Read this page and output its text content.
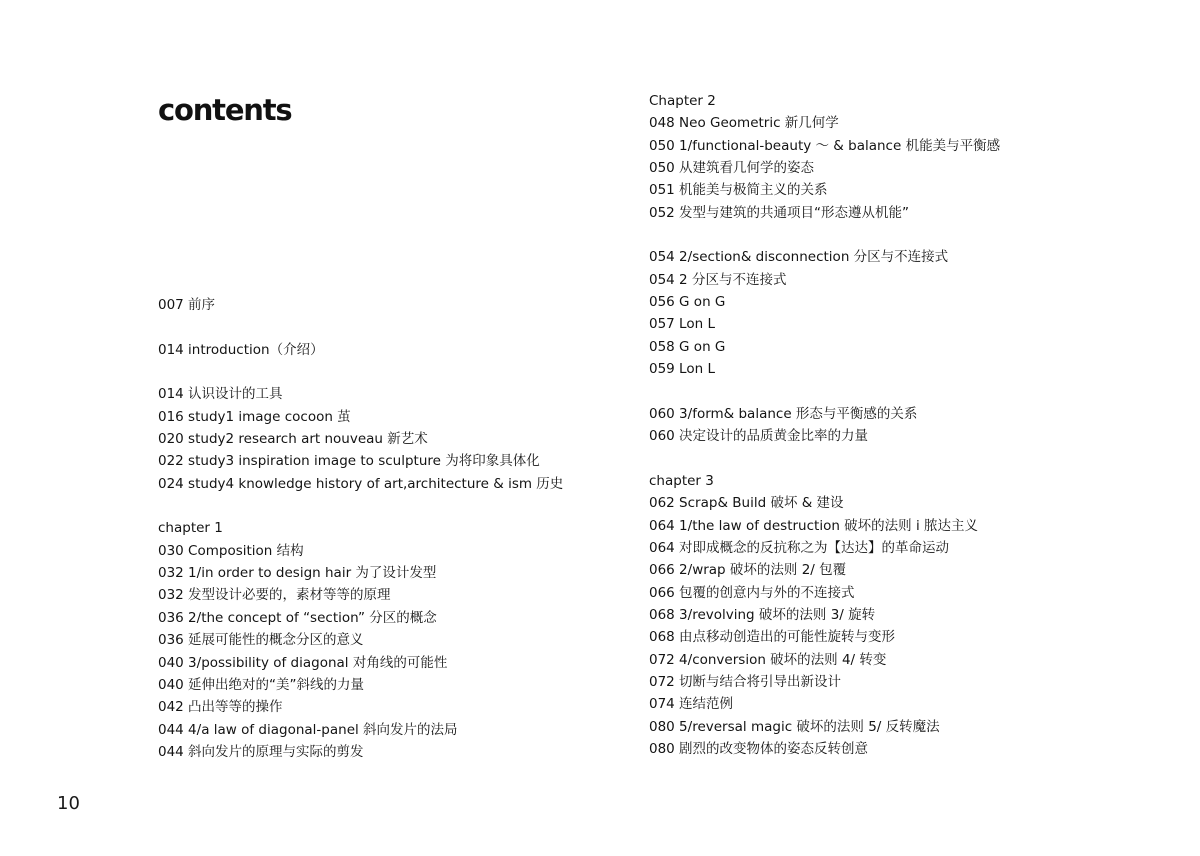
contents
007 前序
014 introduction（介绍）
014 认识设计的工具
016 study1 image cocoon 茧
020 study2 research art nouveau 新艺术
022 study3 inspiration image to sculpture 为将印象具体化
024 study4 knowledge history of art,architecture & ism 历史
chapter 1
030 Composition 结构
032 1/in order to design hair 为了设计发型
032 发型设计必要的，素材等等的原理
036 2/the concept of “section” 分区的概念
036 延展可能性的概念分区的意义
040 3/possibility of diagonal 对角线的可能性
040 延伸出绝对的“美”斜线的力量
042 凸出等等的操作
044 4/a law of diagonal-panel 斜向发片的法局
044 斜向发片的原理与实际的剪发
Chapter 2
048 Neo Geometric 新几何学
050 1/functional-beauty ～ & balance 机能美与平衡感
050 从建筑看几何学的姿态
051 机能美与极简主义的关系
052 发型与建筑的共通项目“形态遵从机能”
054 2/section& disconnection 分区与不连接式
054 2 分区与不连接式
056 G on G
057 Lon L
058 G on G
059 Lon L
060 3/form& balance 形态与平衡感的关系
060 决定设计的品质黄金比率的力量
chapter 3
062 Scrap& Build 破坏 & 建设
064 1/the law of destruction 破坏的法则 i 脓达主义
064 对即成概念的反抗称之为【达达】的革命运动
066 2/wrap 破坏的法则 2/ 包覆
066 包覆的创意内与外的不连接式
068 3/revolving 破坏的法则 3/ 旋转
068 由点移动创造出的可能性旋转与变形
072 4/conversion 破坏的法则 4/ 转变
072 切断与结合将引导出新设计
074 连结范例
080 5/reversal magic 破坏的法则 5/ 反转魔法
080 剧烈的改变物体的姿态反转创意

10
